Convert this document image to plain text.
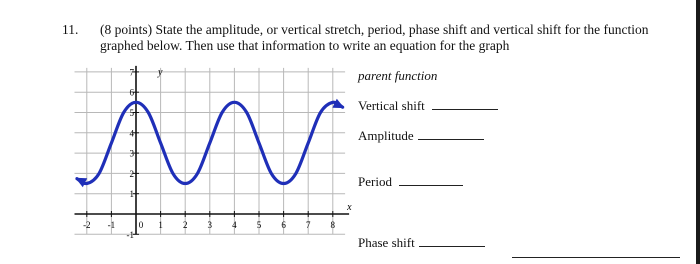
11. (8 points) State the amplitude, or vertical stretch, period, phase shift and vertical shift for the function graphed below. Then use that information to write an equation for the graph
x
y
-2 -1	0 1 2 3 4 5 6 7 8
-1
1
2
3
4
5
6
7	parent function
Vertical shift
Amplitude
Period
Phase shift
